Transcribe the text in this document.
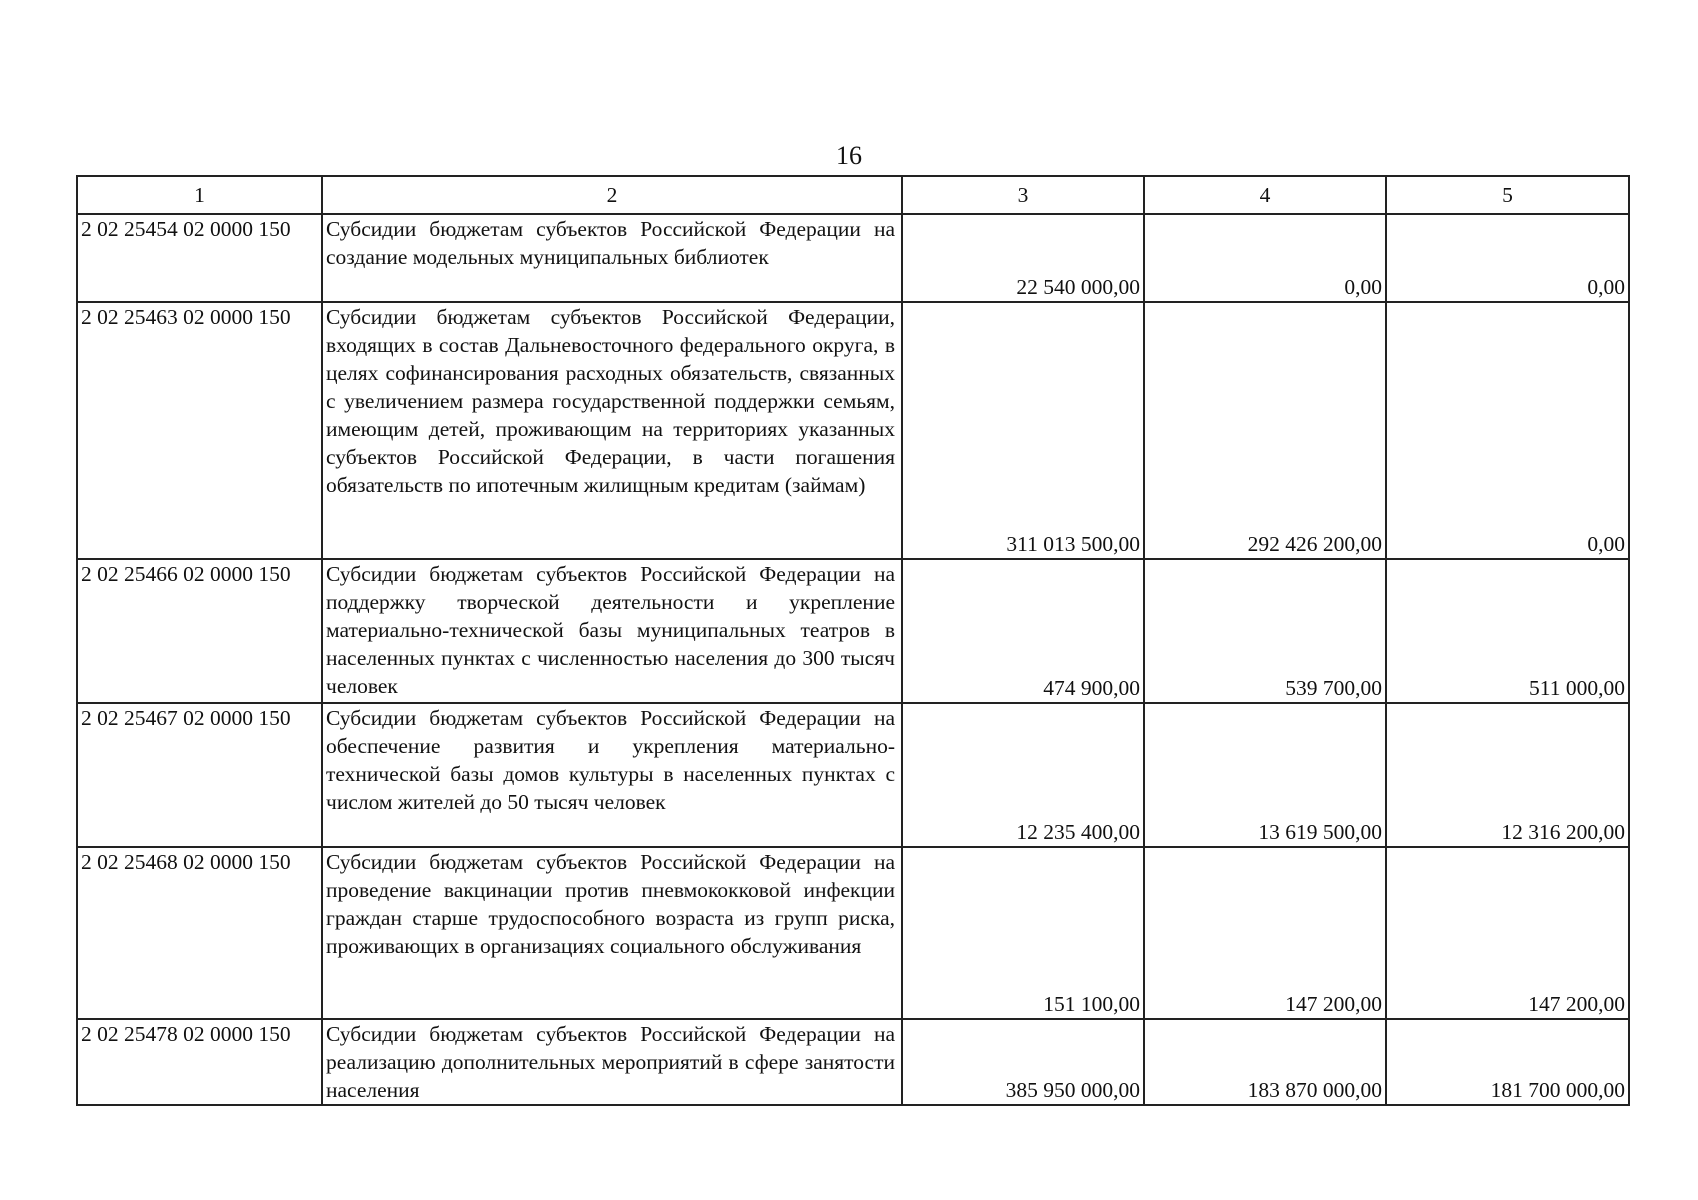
16
1	2	3	4	5
2 02 25454 02 0000 150	Субсидии бюджетам субъектов Российской Федерации на создание модельных муниципальных библиотек	22 540 000,00	0,00	0,00
2 02 25463 02 0000 150	Субсидии бюджетам субъектов Российской Федерации, входящих в состав Дальневосточного федерального округа, в целях софинансирования расходных обязательств, связанных с увеличением размера государственной поддержки семьям, имеющим детей, проживающим на территориях указанных субъектов Российской Федерации, в части погашения обязательств по ипотечным жилищным кредитам (займам)	311 013 500,00	292 426 200,00	0,00
2 02 25466 02 0000 150	Субсидии бюджетам субъектов Российской Федерации на поддержку творческой деятельности и укрепление материально-технической базы муниципальных театров в населенных пунктах с численностью населения до 300 тысяч человек	474 900,00	539 700,00	511 000,00
2 02 25467 02 0000 150	Субсидии бюджетам субъектов Российской Федерации на обеспечение развития и укрепления материально-технической базы домов культуры в населенных пунктах с числом жителей до 50 тысяч человек	12 235 400,00	13 619 500,00	12 316 200,00
2 02 25468 02 0000 150	Субсидии бюджетам субъектов Российской Федерации на проведение вакцинации против пневмококковой инфекции граждан старше трудоспособного возраста из групп риска, проживающих в организациях социального обслуживания	151 100,00	147 200,00	147 200,00
2 02 25478 02 0000 150	Субсидии бюджетам субъектов Российской Федерации на реализацию дополнительных мероприятий в сфере занятости населения	385 950 000,00	183 870 000,00	181 700 000,00
